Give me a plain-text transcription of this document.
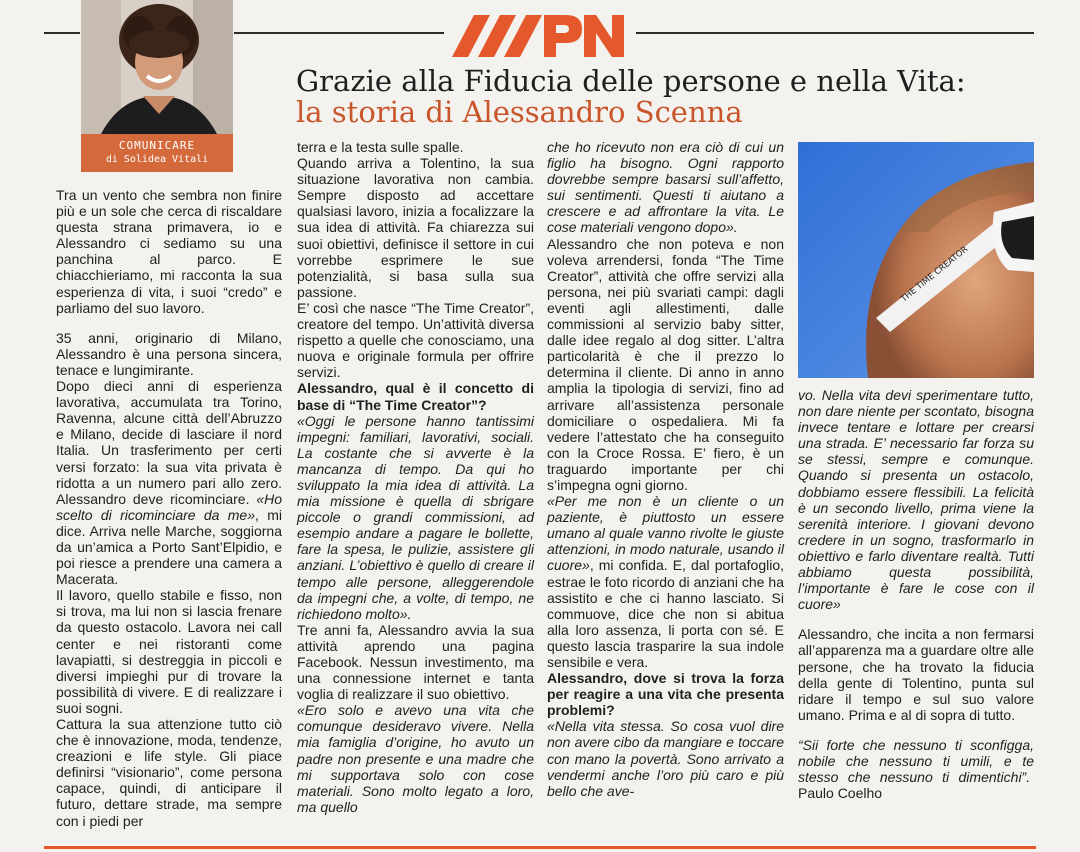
COMUNICARE
di Solidea Vitali
Grazie alla Fiducia delle persone e nella Vita:
la storia di Alessandro Scenna

Tra un vento che sembra non finire più e un sole che cerca di riscaldare questa strana primavera, io e Alessandro ci sediamo su una panchina al parco. E chiacchieriamo, mi racconta la sua esperienza di vita, i suoi “credo” e parliamo del suo lavoro.

35 anni, originario di Milano, Alessandro è una persona sincera, tenace e lungimirante.

Dopo dieci anni di esperienza lavorativa, accumulata tra Torino, Ravenna, alcune città dell’Abruzzo e Milano, decide di lasciare il nord Italia. Un trasferimento per certi versi forzato: la sua vita privata è ridotta a un numero pari allo zero. Alessandro deve ricominciare. «Ho scelto di ricominciare da me», mi dice. Arriva nelle Marche, soggiorna da un’amica a Porto Sant’Elpidio, e poi riesce a prendere una camera a Macerata.

Il lavoro, quello stabile e fisso, non si trova, ma lui non si lascia frenare da questo ostacolo. Lavora nei call center e nei ristoranti come lavapiatti, si destreggia in piccoli e diversi impieghi pur di trovare la possibilità di vivere. E di realizzare i suoi sogni.

Cattura la sua attenzione tutto ciò che è innovazione, moda, tendenze, creazioni e life style. Gli piace definirsi “visionario”, come persona capace, quindi, di anticipare il futuro, dettare strade, ma sempre con i piedi per

terra e la testa sulle spalle.

Quando arriva a Tolentino, la sua situazione lavorativa non cambia. Sempre disposto ad accettare qualsiasi lavoro, inizia a focalizzare la sua idea di attività. Fa chiarezza sui suoi obiettivi, definisce il settore in cui vorrebbe esprimere le sue potenzialità, si basa sulla sua passione.

E’ così che nasce “The Time Creator”, creatore del tempo. Un’attività diversa rispetto a quelle che conosciamo, una nuova e originale formula per offrire servizi.

Alessandro, qual è il concetto di base di “The Time Creator”?

«Oggi le persone hanno tantissimi impegni: familiari, lavorativi, sociali. La costante che si avverte è la mancanza di tempo. Da qui ho sviluppato la mia idea di attività. La mia missione è quella di sbrigare piccole o grandi commissioni, ad esempio andare a pagare le bollette, fare la spesa, le pulizie, assistere gli anziani. L’obiettivo è quello di creare il tempo alle persone, alleggerendole da impegni che, a volte, di tempo, ne richiedono molto».

Tre anni fa, Alessandro avvia la sua attività aprendo una pagina Facebook. Nessun investimento, ma una connessione internet e tanta voglia di realizzare il suo obiettivo.

«Ero solo e avevo una vita che comunque desideravo vivere. Nella mia famiglia d’origine, ho avuto un padre non presente e una madre che mi supportava solo con cose materiali. Sono molto legato a loro, ma quello

che ho ricevuto non era ciò di cui un figlio ha bisogno. Ogni rapporto dovrebbe sempre basarsi sull’affetto, sui sentimenti. Questi ti aiutano a crescere e ad affrontare la vita. Le cose materiali vengono dopo».

Alessandro che non poteva e non voleva arrendersi, fonda “The Time Creator”, attività che offre servizi alla persona, nei più svariati campi: dagli eventi agli allestimenti, dalle commissioni al servizio baby sitter, dalle idee regalo al dog sitter. L’altra particolarità è che il prezzo lo determina il cliente. Di anno in anno amplia la tipologia di servizi, fino ad arrivare all’assistenza personale domiciliare o ospedaliera. Mi fa vedere l’attestato che ha conseguito con la Croce Rossa. E’ fiero, è un traguardo importante per chi s’impegna ogni giorno.

«Per me non è un cliente o un paziente, è piuttosto un essere umano al quale vanno rivolte le giuste attenzioni, in modo naturale, usando il cuore», mi confida. E, dal portafoglio, estrae le foto ricordo di anziani che ha assistito e che ci hanno lasciato. Si commuove, dice che non si abitua alla loro assenza, li porta con sé. E questo lascia trasparire la sua indole sensibile e vera.

Alessandro, dove si trova la forza per reagire a una vita che presenta problemi?

«Nella vita stessa. So cosa vuol dire non avere cibo da mangiare e toccare con mano la povertà. Sono arrivato a vendermi anche l’oro più caro e più bello che ave-

THE TIME CREATOR

vo. Nella vita devi sperimentare tutto, non dare niente per scontato, bisogna invece tentare e lottare per crearsi una strada. E’ necessario far forza su se stessi, sempre e comunque. Quando si presenta un ostacolo, dobbiamo essere flessibili. La felicità è un secondo livello, prima viene la serenità interiore. I giovani devono credere in un sogno, trasformarlo in obiettivo e farlo diventare realtà. Tutti abbiamo questa possibilità, l’importante è fare le cose con il cuore»

Alessandro, che incita a non fermarsi all’apparenza ma a guardare oltre alle persone, che ha trovato la fiducia della gente di Tolentino, punta sul ridare il tempo e sul suo valore umano. Prima e al di sopra di tutto.

“Sii forte che nessuno ti sconfigga, nobile che nessuno ti umili, e te stesso che nessuno ti dimentichi”.  Paulo Coelho
